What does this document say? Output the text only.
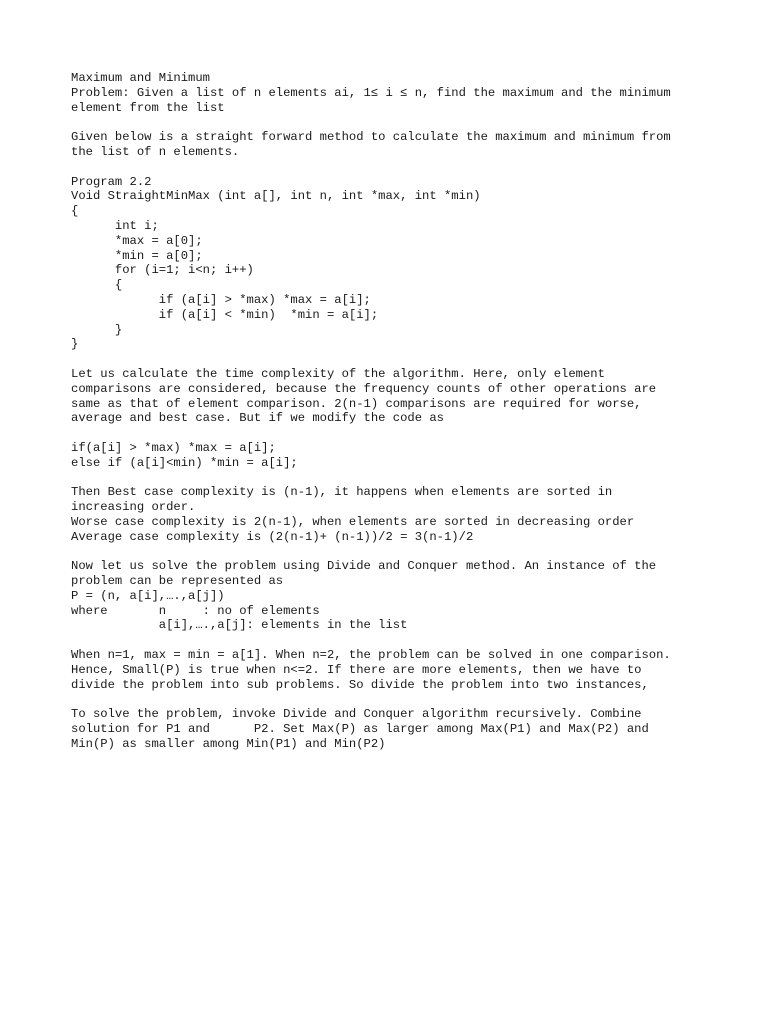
Maximum and Minimum
Problem: Given a list of n elements ai, 1≤ i ≤ n, find the maximum and the minimum
element from the list
Given below is a straight forward method to calculate the maximum and minimum from
the list of n elements.
Program 2.2
Void StraightMinMax (int a[], int n, int *max, int *min)
{
int i;
*max = a[0];
*min = a[0];
for (i=1; i<n; i++)
{
if (a[i] > *max) *max = a[i];
if (a[i] < *min)  *min = a[i];
}
}
Let us calculate the time complexity of the algorithm. Here, only element
comparisons are considered, because the frequency counts of other operations are
same as that of element comparison. 2(n-1) comparisons are required for worse,
average and best case. But if we modify the code as
if(a[i] > *max) *max = a[i];
else if (a[i]<min) *min = a[i];
Then Best case complexity is (n-1), it happens when elements are sorted in
increasing order.
Worse case complexity is 2(n-1), when elements are sorted in decreasing order
Average case complexity is (2(n-1)+ (n-1))/2 = 3(n-1)/2
Now let us solve the problem using Divide and Conquer method. An instance of the
problem can be represented as
P = (n, a[i],….,a[j])
where       n     : no of elements
a[i],….,a[j]: elements in the list
When n=1, max = min = a[1]. When n=2, the problem can be solved in one comparison.
Hence, Small(P) is true when n<=2. If there are more elements, then we have to
divide the problem into sub problems. So divide the problem into two instances,
To solve the problem, invoke Divide and Conquer algorithm recursively. Combine
solution for P1 and      P2. Set Max(P) as larger among Max(P1) and Max(P2) and
Min(P) as smaller among Min(P1) and Min(P2)
